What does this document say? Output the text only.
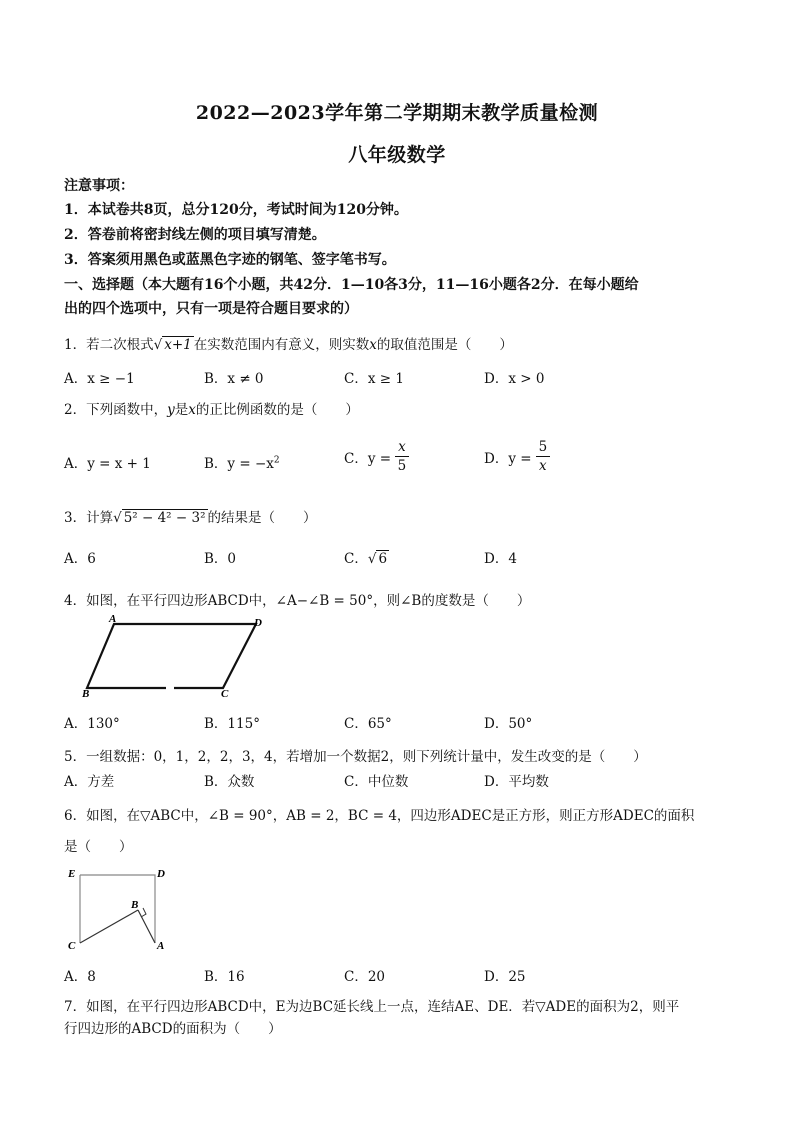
2022—2023学年第二学期期末教学质量检测
八年级数学
注意事项：
1．本试卷共8页，总分120分，考试时间为120分钟。
2．答卷前将密封线左侧的项目填写清楚。
3．答案须用黑色或蓝黑色字迹的钢笔、签字笔书写。
一、选择题（本大题有16个小题，共42分．1—10各3分，11—16小题各2分．在每小题给
出的四个选项中，只有一项是符合题目要求的）
1．若二次根式√ x+1 在实数范围内有意义，则实数x的取值范围是（ ）
A．x ≥ −1	B．x ≠ 0	C．x ≥ 1	D．x > 0
2．下列函数中，y是x的正比例函数的是（ ）
A．y = x + 1	B．$y = -x^2$	C．$y = \frac{x}{5}$	D．$y = \frac{5}{x}$
3．计算√ 5² − 4² − 3² 的结果是（ ）
A．6	B．0	C．√ 6	D．4
4．如图，在平行四边形ABCD中，∠A−∠B = 50°，则∠B的度数是（ ）
A	D
B	C
A．130°	B．115°	C．65°	D．50°
5．一组数据：0，1，2，2，3，4，若增加一个数据2，则下列统计量中，发生改变的是（ ）
A．方差	B．众数	C．中位数	D．平均数
6．如图，在▽ABC中，∠B = 90°，AB = 2，BC = 4，四边形ADEC是正方形，则正方形ADEC的面积
是（ ）
E	D
B
C	A
A．8	B．16	C．20	D．25
7．如图，在平行四边形ABCD中，E为边BC延长线上一点，连结AE、DE．若▽ADE的面积为2，则平
行四边形的ABCD的面积为（ ）
